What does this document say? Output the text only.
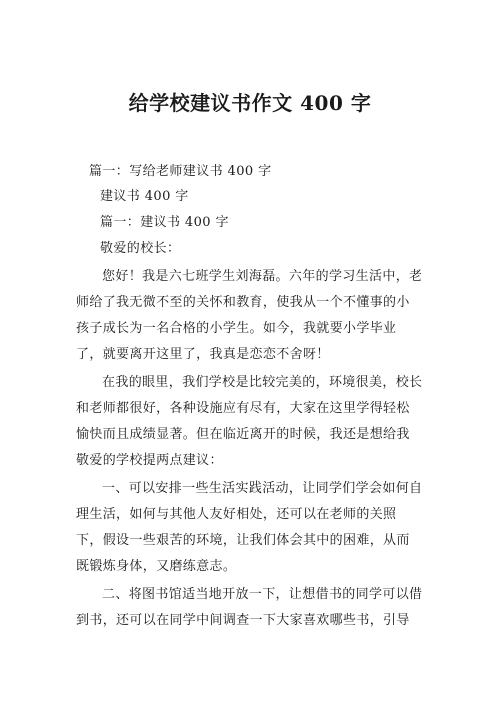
给学校建议书作文 400 字
篇一：写给老师建议书 400 字
建议书 400 字
篇一：建议书 400 字
敬爱的校长：
您好！我是六七班学生刘海磊。六年的学习生活中，老
师给了我无微不至的关怀和教育，使我从一个不懂事的小
孩子成长为一名合格的小学生。如今，我就要小学毕业
了，就要离开这里了，我真是恋恋不舍呀！
在我的眼里，我们学校是比较完美的，环境很美，校长
和老师都很好，各种设施应有尽有，大家在这里学得轻松
愉快而且成绩显著。但在临近离开的时候，我还是想给我
敬爱的学校提两点建议：
一、可以安排一些生活实践活动，让同学们学会如何自
理生活，如何与其他人友好相处，还可以在老师的关照
下，假设一些艰苦的环境，让我们体会其中的困难，从而
既锻炼身体，又磨练意志。
二、将图书馆适当地开放一下，让想借书的同学可以借
到书，还可以在同学中间调查一下大家喜欢哪些书，引导
